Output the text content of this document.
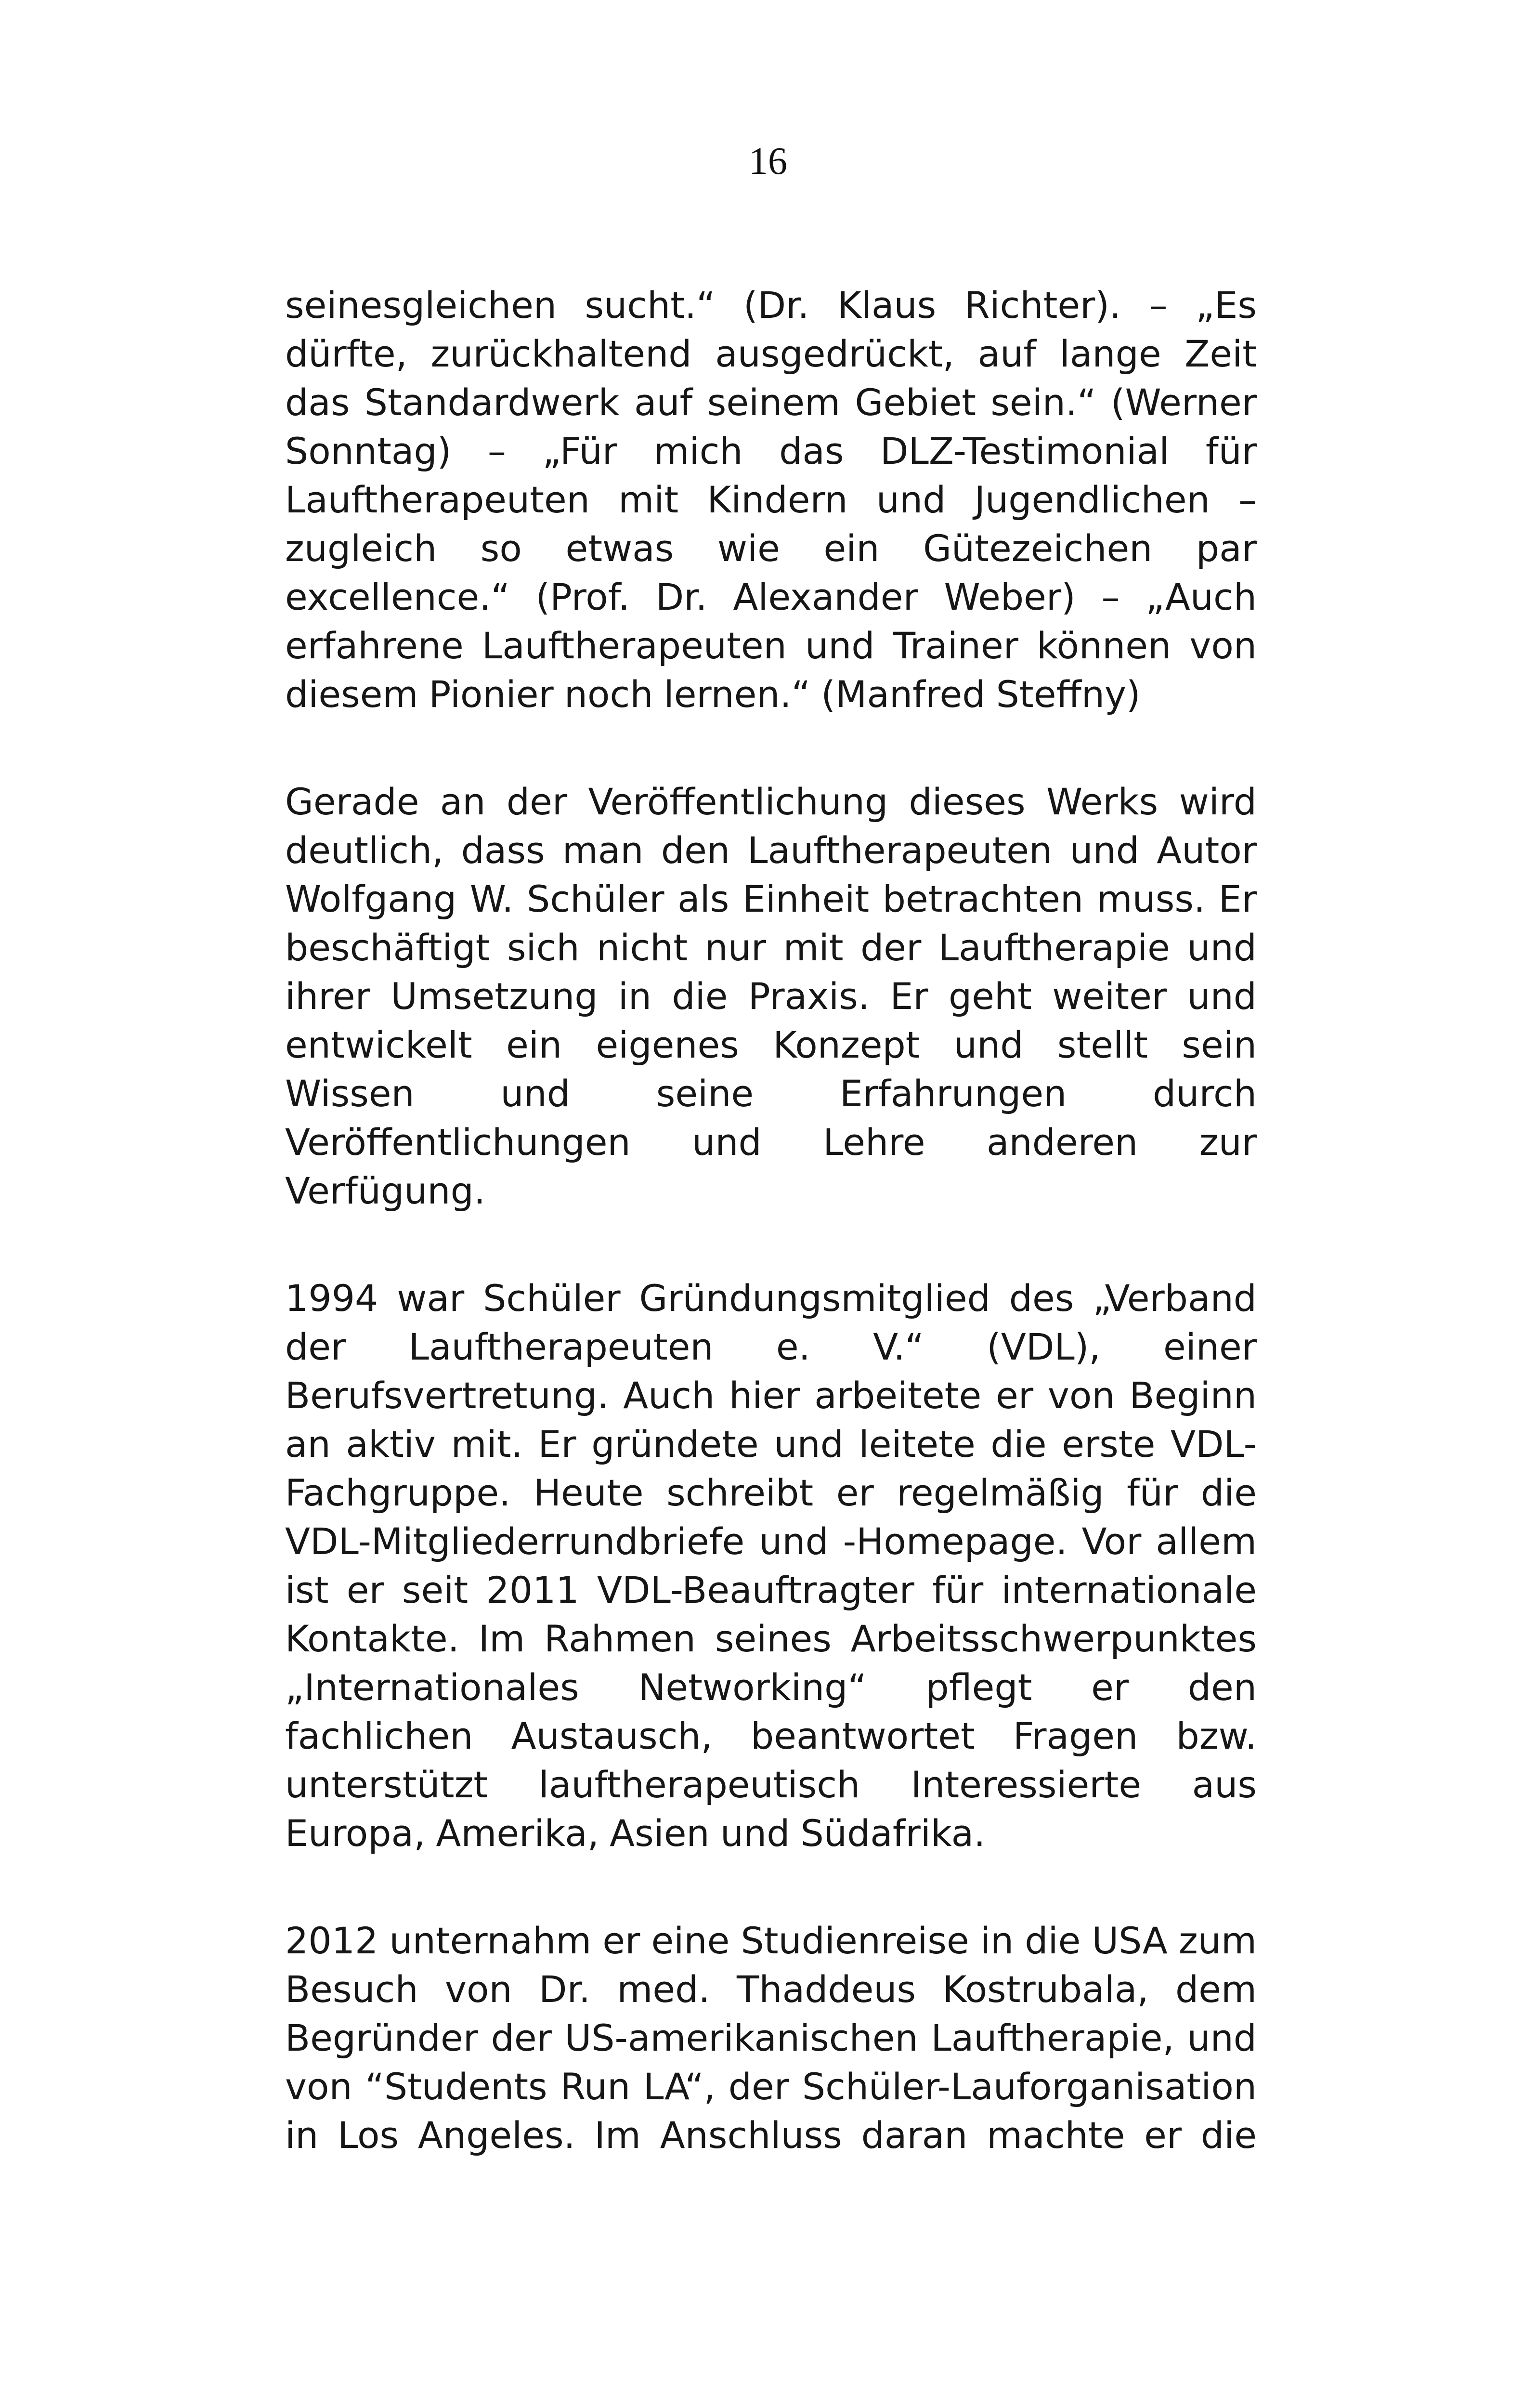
16

seinesgleichen sucht.“ (Dr. Klaus Richter). – „Es dürfte, zurückhaltend ausgedrückt, auf lange Zeit das Standardwerk auf seinem Gebiet sein.“ (Werner Sonntag) – „Für mich das DLZ-Testimonial für Lauftherapeuten mit Kindern und Jugendlichen – zugleich so etwas wie ein Gütezeichen par excellence.“ (Prof. Dr. Alexander Weber) – „Auch erfahrene Lauftherapeuten und Trainer können von diesem Pionier noch lernen.“ (Manfred Steffny)

Gerade an der Veröffentlichung dieses Werks wird deutlich, dass man den Lauftherapeuten und Autor Wolfgang W. Schüler als Einheit betrachten muss. Er beschäftigt sich nicht nur mit der Lauftherapie und ihrer Umsetzung in die Praxis. Er geht weiter und entwickelt ein eigenes Konzept und stellt sein Wissen und seine Erfahrungen durch Veröffentlichungen und Lehre anderen zur Verfügung.

1994 war Schüler Gründungsmitglied des „Verband der Lauftherapeuten e. V.“ (VDL), einer Berufsvertretung. Auch hier arbeitete er von Beginn an aktiv mit. Er gründete und leitete die erste VDL-Fachgruppe. Heute schreibt er regelmäßig für die VDL-Mitgliederrundbriefe und -Homepage. Vor allem ist er seit 2011 VDL-Beauftragter für internationale Kontakte. Im Rahmen seines Arbeitsschwerpunktes „Internationales Networking“ pflegt er den fachlichen Austausch, beantwortet Fragen bzw. unterstützt lauftherapeutisch Interessierte aus Europa, Amerika, Asien und Südafrika.

2012 unternahm er eine Studienreise in die USA zum Besuch von Dr. med. Thaddeus Kostrubala, dem Begründer der US-amerikanischen Lauftherapie, und von “Students Run LA“, der Schüler-Lauforganisation in Los Angeles. Im Anschluss daran machte er die
